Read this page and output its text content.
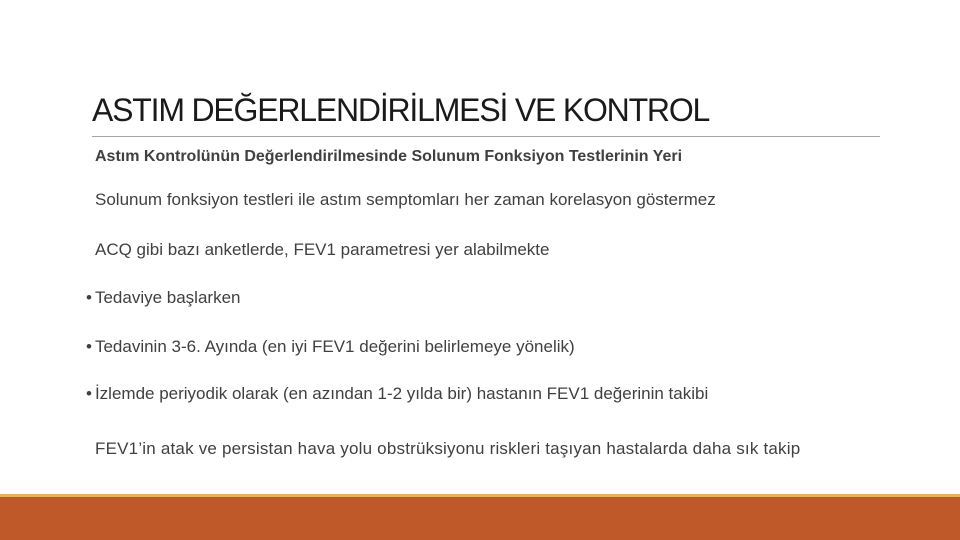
ASTIM DEĞERLENDİRİLMESİ VE KONTROL
Astım Kontrolünün Değerlendirilmesinde Solunum Fonksiyon Testlerinin Yeri
Solunum fonksiyon testleri ile astım semptomları her zaman korelasyon göstermez
ACQ gibi bazı anketlerde, FEV1 parametresi yer alabilmekte
• Tedaviye başlarken
• Tedavinin 3-6. Ayında (en iyi FEV1 değerini belirlemeye yönelik)
• İzlemde periyodik olarak (en azından 1-2 yılda bir) hastanın FEV1 değerinin takibi
FEV1’in atak ve persistan hava yolu obstrüksiyonu riskleri taşıyan hastalarda daha sık takip
